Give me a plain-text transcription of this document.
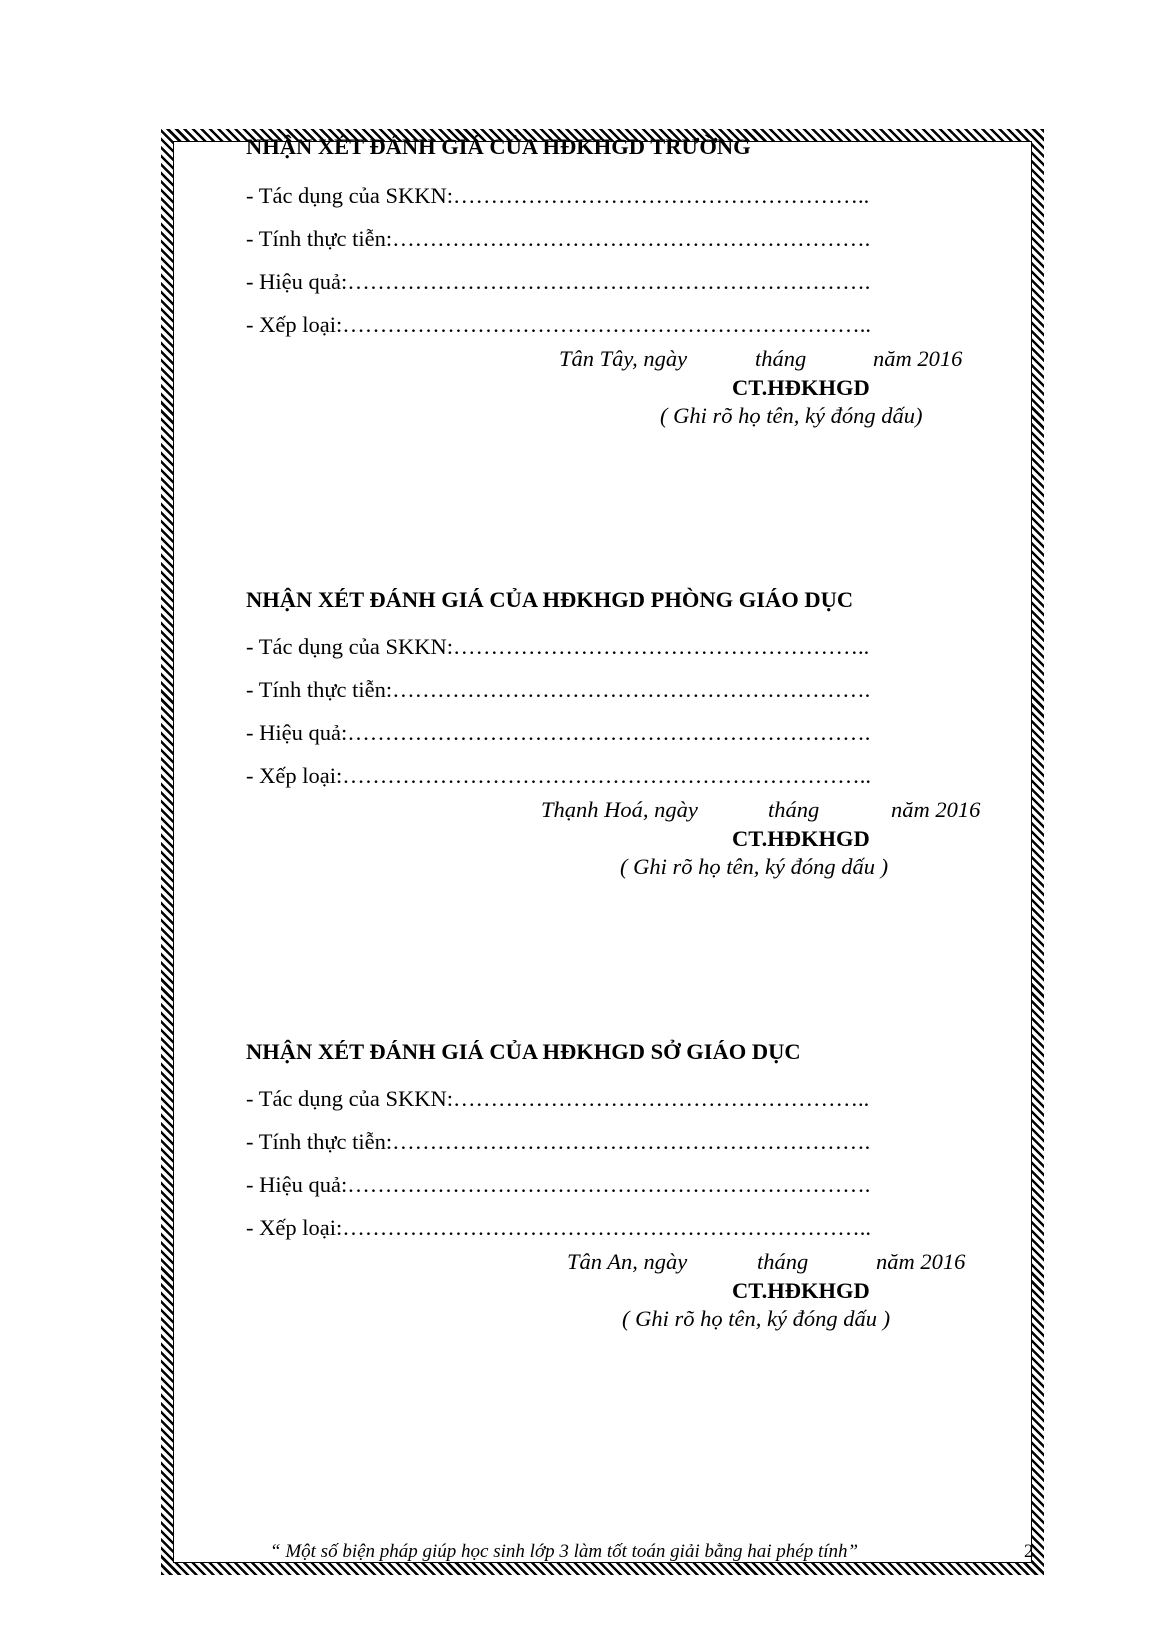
NHẬN XÉT ĐÁNH GIÁ CỦA HĐKHGD TRƯỜNG
- Tác dụng của SKKN:………………………………………………..
- Tính thực tiễn:……………………………………………………….
- Hiệu quả:…………………………………………………………….
- Xếp loại:……………………………………………………………..
Tân Tây, ngày	tháng	năm 2016
CT.HĐKHGD
( Ghi rõ họ tên, ký đóng dấu)
NHẬN XÉT ĐÁNH GIÁ CỦA HĐKHGD PHÒNG GIÁO DỤC
- Tác dụng của SKKN:………………………………………………..
- Tính thực tiễn:……………………………………………………….
- Hiệu quả:…………………………………………………………….
- Xếp loại:……………………………………………………………..
Thạnh Hoá, ngày	tháng	năm 2016
CT.HĐKHGD
( Ghi rõ họ tên, ký đóng dấu )
NHẬN XÉT ĐÁNH GIÁ CỦA HĐKHGD SỞ GIÁO DỤC
- Tác dụng của SKKN:………………………………………………..
- Tính thực tiễn:……………………………………………………….
- Hiệu quả:…………………………………………………………….
- Xếp loại:……………………………………………………………..
Tân An, ngày	tháng	năm 2016
CT.HĐKHGD
( Ghi rõ họ tên, ký đóng dấu )
“ Một số biện pháp giúp học sinh lớp 3 làm tốt toán giải bằng hai phép tính”	2
